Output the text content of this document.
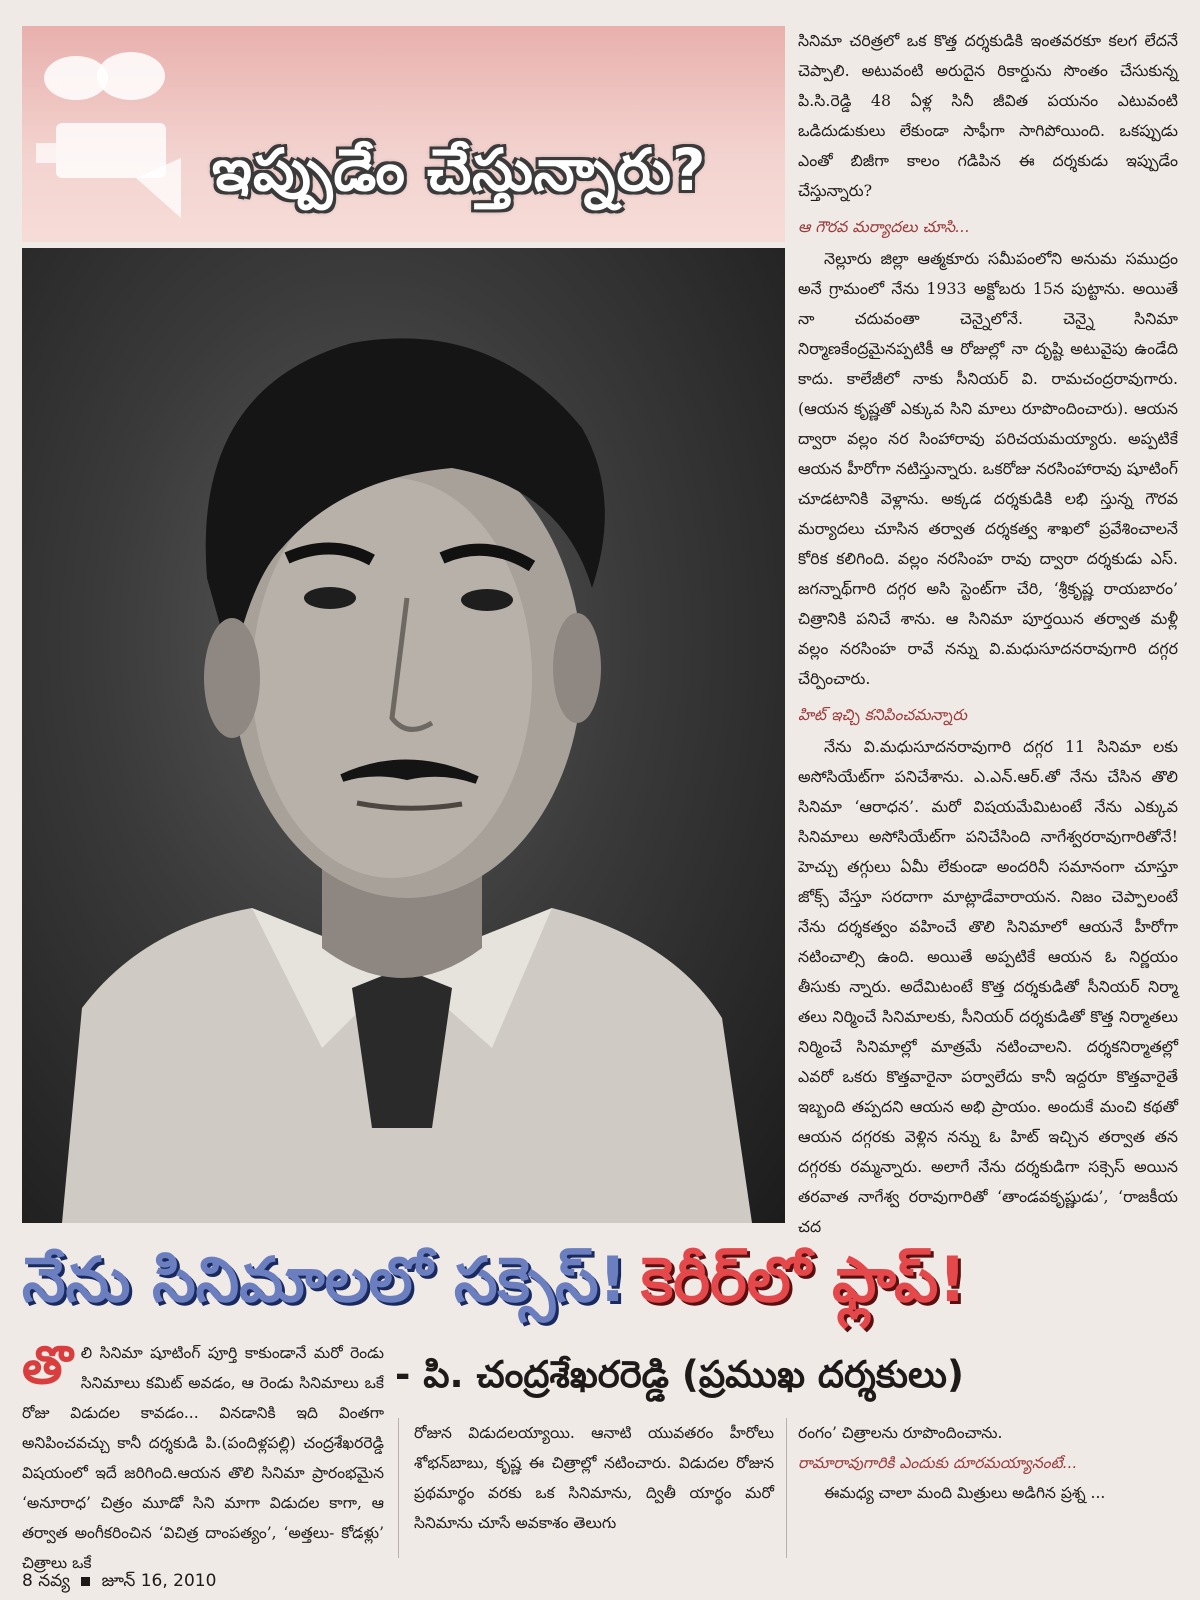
ఇప్పుడేం చేస్తున్నారు?

సినిమా చరిత్రలో ఒక కొత్త దర్శకుడికి ఇంతవరకూ కలగ లేదనే చెప్పాలి. అటువంటి అరుదైన రికార్డును సొంతం చేసుకున్న పి.సి.రెడ్డి 48 ఏళ్ల సినీ జీవిత పయనం ఎటువంటి ఒడిదుడుకులు లేకుండా సాఫీగా సాగిపోయింది. ఒకప్పుడు ఎంతో బిజీగా కాలం గడిపిన ఈ దర్శకుడు ఇప్పుడేం చేస్తున్నారు?

ఆ గౌరవ మర్యాదలు చూసి...

నెల్లూరు జిల్లా ఆత్మకూరు సమీపంలోని అనుమ సముద్రం అనే గ్రామంలో నేను 1933 అక్టోబరు 15న పుట్టాను. అయితే నా చదువంతా చెన్నైలోనే. చెన్నై సినిమా నిర్మాణకేంద్రమైనప్పటికీ ఆ రోజుల్లో నా దృష్టి అటువైపు ఉండేది కాదు. కాలేజీలో నాకు సీనియర్ వి. రామచంద్రరావుగారు. (ఆయన కృష్ణతో ఎక్కువ సిని మాలు రూపొందించారు). ఆయన ద్వారా వల్లం నర సింహారావు పరిచయమయ్యారు. అప్పటికే ఆయన హీరోగా నటిస్తున్నారు. ఒకరోజు నరసింహారావు షూటింగ్ చూడటానికి వెళ్లాను. అక్కడ దర్శకుడికి లభి స్తున్న గౌరవ మర్యాదలు చూసిన తర్వాత దర్శకత్వ శాఖలో ప్రవేశించాలనే కోరిక కలిగింది. వల్లం నరసింహ రావు ద్వారా దర్శకుడు ఎస్. జగన్నాథ్‌గారి దగ్గర అసి స్టెంట్‌గా చేరి, ‘శ్రీకృష్ణ రాయబారం’ చిత్రానికి పనిచే శాను. ఆ సినిమా పూర్తయిన తర్వాత మళ్లీ వల్లం నరసింహ రావే నన్ను వి.మధుసూదనరావుగారి దగ్గర చేర్పించారు.

హిట్ ఇచ్చి కనిపించమన్నారు

నేను వి.మధుసూదనరావుగారి దగ్గర 11 సినిమా లకు అసోసియేట్‌గా పనిచేశాను. ఎ.ఎన్.ఆర్.తో నేను చేసిన తొలి సినిమా ‘ఆరాధన’. మరో విషయమేమిటంటే నేను ఎక్కువ సినిమాలు అసోసియేట్‌గా పనిచేసింది నాగేశ్వరరావుగారితోనే! హెచ్చు తగ్గులు ఏమీ లేకుండా అందరినీ సమానంగా చూస్తూ జోక్స్ వేస్తూ సరదాగా మాట్లాడేవారాయన. నిజం చెప్పాలంటే నేను దర్శకత్వం వహించే తొలి సినిమాలో ఆయనే హీరోగా నటించాల్సి ఉంది. అయితే అప్పటికే ఆయన ఓ నిర్ణయం తీసుకు న్నారు. అదేమిటంటే కొత్త దర్శకుడితో సీనియర్ నిర్మా తలు నిర్మించే సినిమాలకు, సీనియర్ దర్శకుడితో కొత్త నిర్మాతలు నిర్మించే సినిమాల్లో మాత్రమే నటించాలని. దర్శకనిర్మాతల్లో ఎవరో ఒకరు కొత్తవారైనా పర్వాలేదు కానీ ఇద్దరూ కొత్తవారైతే ఇబ్బంది తప్పదని ఆయన అభి ప్రాయం. అందుకే మంచి కథతో ఆయన దగ్గరకు వెళ్లిన నన్ను ఓ హిట్ ఇచ్చిన తర్వాత తన దగ్గరకు రమ్మన్నారు. అలాగే నేను దర్శకుడిగా సక్సెస్ అయిన తరవాత నాగేశ్వ రరావుగారితో ‘తాండవకృష్ణుడు’, ‘రాజకీయ చద

నేను సినిమాలలో సక్సెస్! కెరీర్‌లో ఫ్లాప్!
- పి. చంద్రశేఖరరెడ్డి (ప్రముఖ దర్శకులు)
తొ లి సినిమా షూటింగ్ పూర్తి కాకుండానే మరో రెండు సినిమాలు కమిట్ అవడం, ఆ రెండు సినిమాలు ఒకే రోజు విడుదల కావడం... వినడానికి ఇది వింతగా అనిపించవచ్చు కానీ దర్శకుడి పి.(పందిళ్లపల్లి) చంద్రశేఖరరెడ్డి విషయంలో ఇదే జరిగింది.ఆయన తొలి సినిమా ప్రారంభమైన ‘అనూరాధ’ చిత్రం మూడో సిని మాగా విడుదల కాగా, ఆ తర్వాత అంగీకరించిన ‘విచిత్ర దాంపత్యం’, ‘అత్తలు- కోడళ్లు’ చిత్రాలు ఒకే

రోజున విడుదలయ్యాయి. ఆనాటి యువతరం హీరోలు శోభన్‌బాబు, కృష్ణ ఈ చిత్రాల్లో నటించారు. విడుదల రోజున ప్రథమార్థం వరకు ఒక సినిమాను, ద్వితీ యార్థం మరో సినిమాను చూసే అవకాశం తెలుగు

రంగం’ చిత్రాలను రూపొందించాను.

రామారావుగారికి ఎందుకు దూరమయ్యానంటే...

ఈమధ్య చాలా మంది మిత్రులు అడిగిన ప్రశ్న ...

8 నవ్య జూన్ 16, 2010
